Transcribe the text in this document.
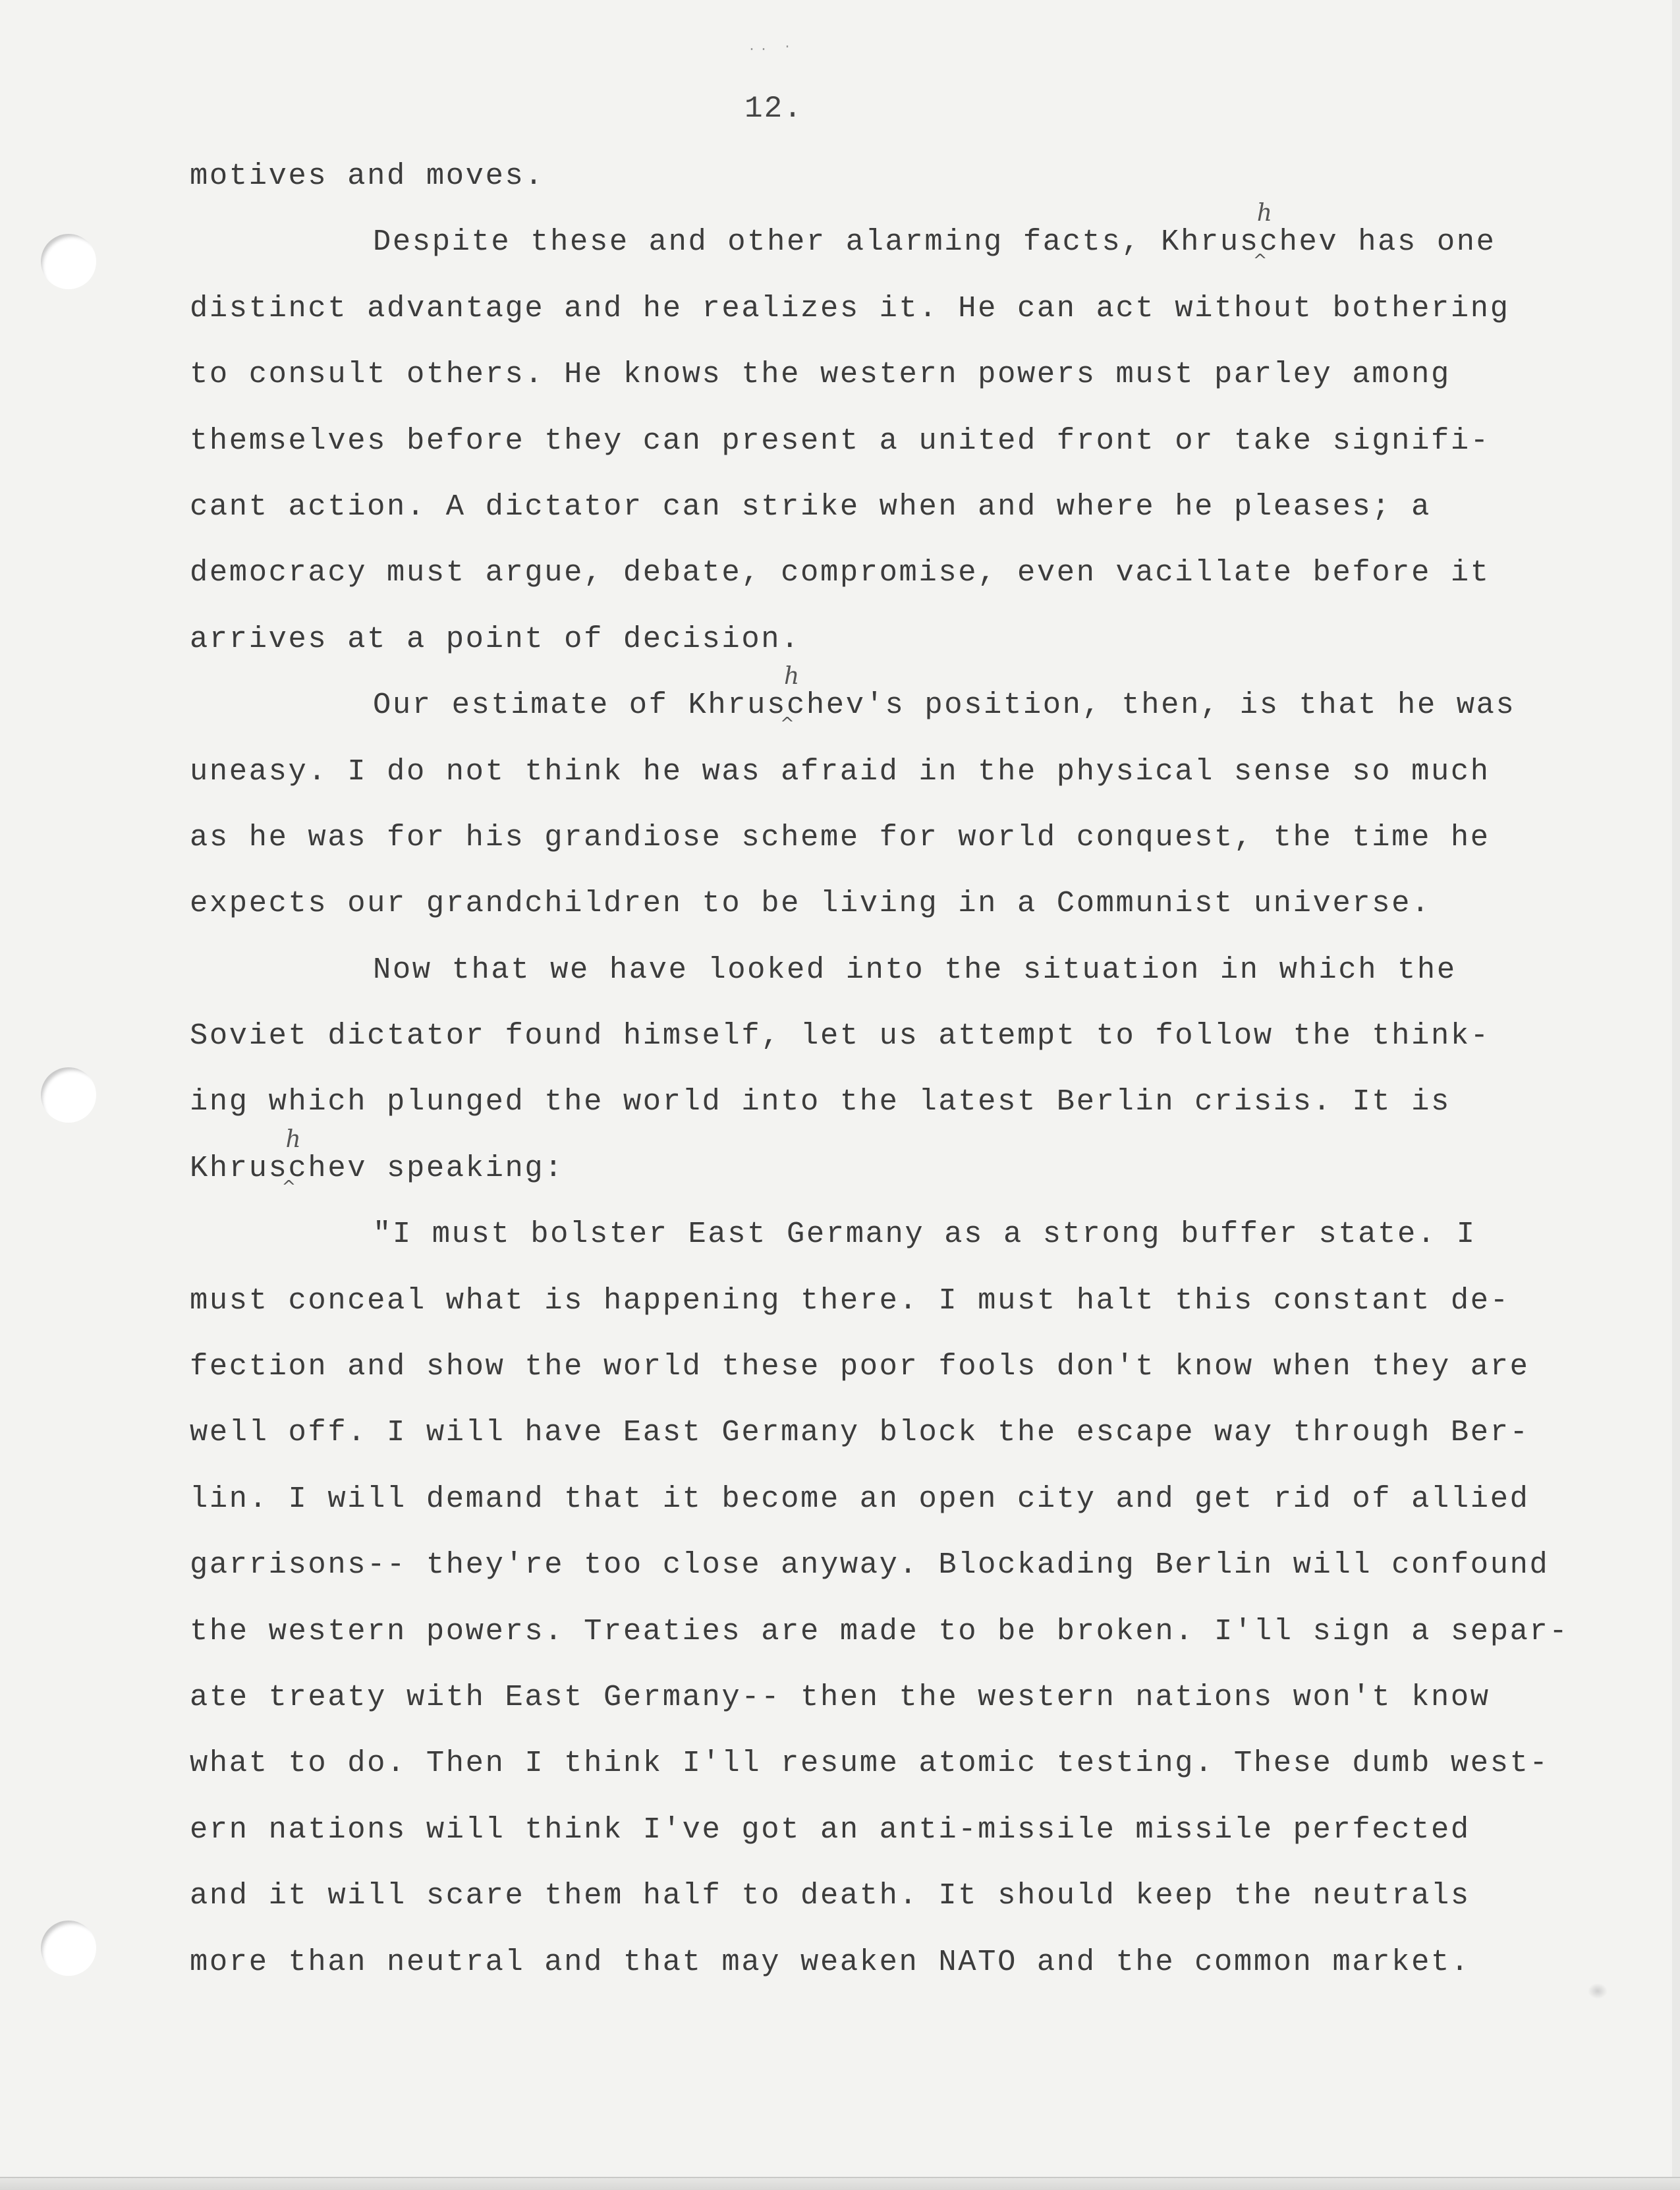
.. ·
12.
motives and moves.
Despite these and other alarming facts, Khrus
h
^
chev has one
distinct advantage and he realizes it. He can act without bothering
to consult others. He knows the western powers must parley among
themselves before they can present a united front or take signifi-
cant action. A dictator can strike when and where he pleases; a
democracy must argue, debate, compromise, even vacillate before it
arrives at a point of decision.
Our estimate of Khrus
h
^
chev's position, then, is that he was
uneasy. I do not think he was afraid in the physical sense so much
as he was for his grandiose scheme for world conquest, the time he
expects our grandchildren to be living in a Communist universe.
Now that we have looked into the situation in which the
Soviet dictator found himself, let us attempt to follow the think-
ing which plunged the world into the latest Berlin crisis. It is
Khrus
h
^
chev speaking:
"I must bolster East Germany as a strong buffer state. I
must conceal what is happening there. I must halt this constant de-
fection and show the world these poor fools don't know when they are
well off. I will have East Germany block the escape way through Ber-
lin. I will demand that it become an open city and get rid of allied
garrisons-- they're too close anyway. Blockading Berlin will confound
the western powers. Treaties are made to be broken. I'll sign a separ-
ate treaty with East Germany-- then the western nations won't know
what to do. Then I think I'll resume atomic testing. These dumb west-
ern nations will think I've got an anti-missile missile perfected
and it will scare them half to death. It should keep the neutrals
more than neutral and that may weaken NATO and the common market.
